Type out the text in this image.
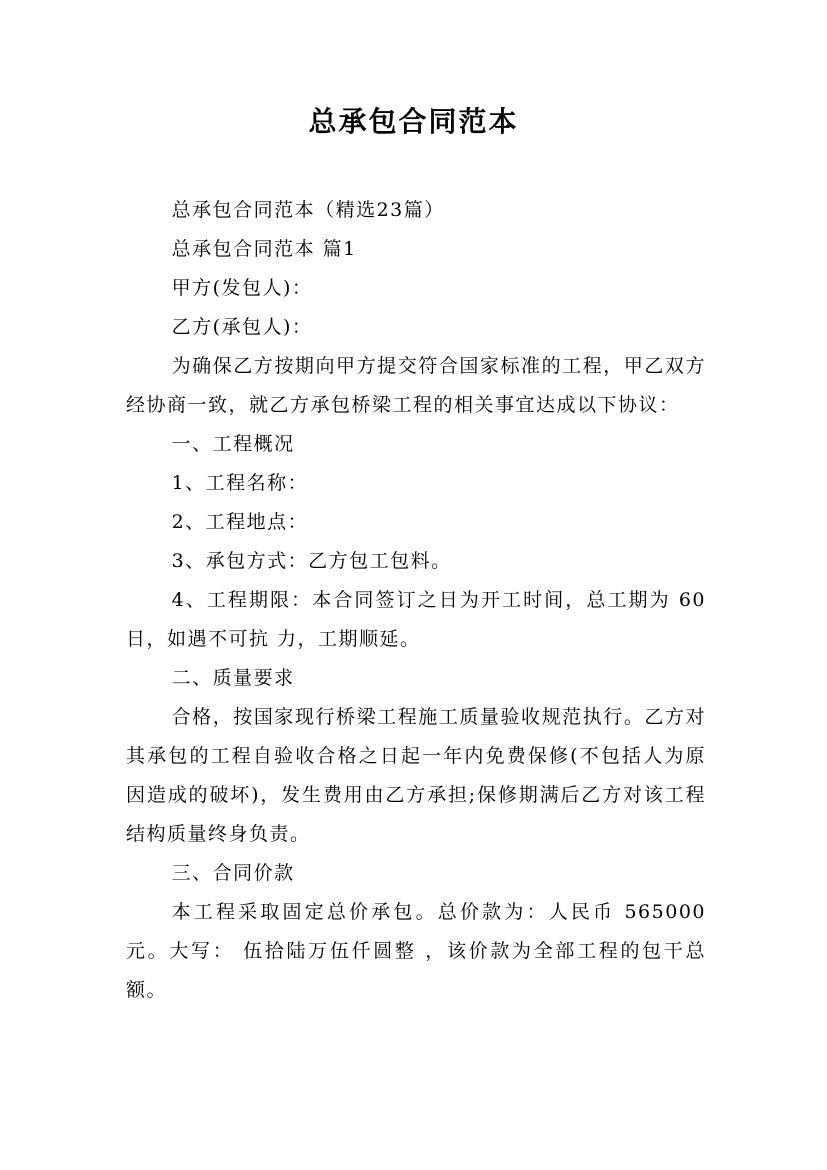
总承包合同范本

总承包合同范本（精选23篇）

总承包合同范本 篇1

甲方(发包人)：

乙方(承包人)：

为确保乙方按期向甲方提交符合国家标准的工程，甲乙双方经协商一致，就乙方承包桥梁工程的相关事宜达成以下协议：

一、工程概况

1、工程名称：

2、工程地点：

3、承包方式：乙方包工包料。

4、工程期限：本合同签订之日为开工时间，总工期为 60日，如遇不可抗 力，工期顺延。

二、质量要求

合格，按国家现行桥梁工程施工质量验收规范执行。乙方对其承包的工程自验收合格之日起一年内免费保修(不包括人为原因造成的破坏)，发生费用由乙方承担;保修期满后乙方对该工程结构质量终身负责。

三、合同价款

本工程采取固定总价承包。总价款为：人民币 565000元。大写： 伍拾陆万伍仟圆整 ，该价款为全部工程的包干总额。
